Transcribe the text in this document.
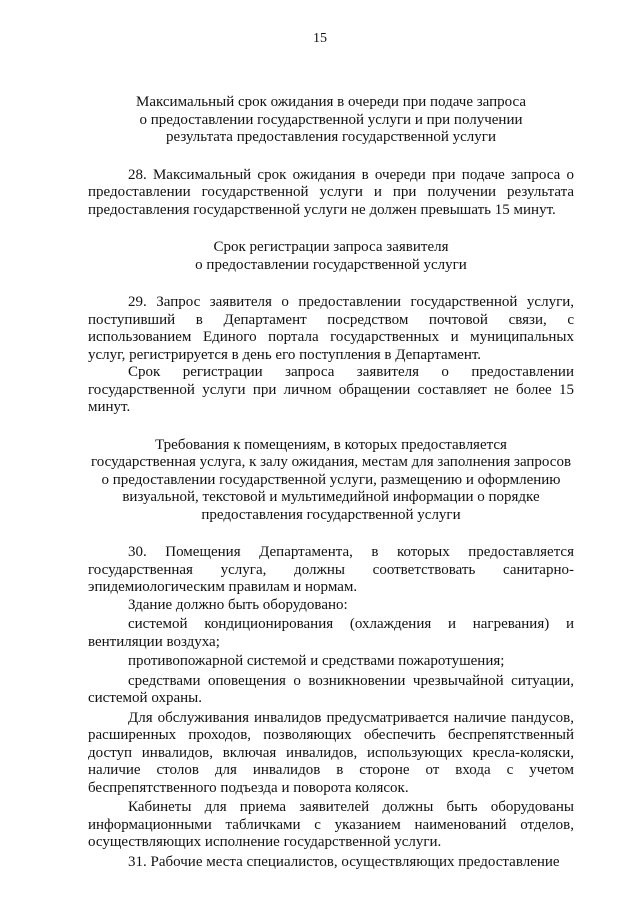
15
Максимальный срок ожидания в очереди при подаче запроса
о предоставлении государственной услуги и при получении
результата предоставления государственной услуги

28. Максимальный срок ожидания в очереди при подаче запроса о предоставлении государственной услуги и при получении результата предоставления государственной услуги не должен превышать 15 минут.

Срок регистрации запроса заявителя
о предоставлении государственной услуги

29. Запрос заявителя о предоставлении государственной услуги, поступивший в Департамент посредством почтовой связи, с использованием Единого портала государственных и муниципальных услуг, регистрируется в день его поступления в Департамент.

Срок регистрации запроса заявителя о предоставлении государственной услуги при личном обращении составляет не более 15 минут.

Требования к помещениям, в которых предоставляется
государственная услуга, к залу ожидания, местам для заполнения запросов
о предоставлении государственной услуги, размещению и оформлению
визуальной, текстовой и мультимедийной информации о порядке
предоставления государственной услуги

30. Помещения Департамента, в которых предоставляется государственная услуга, должны соответствовать санитарно-эпидемиологическим правилам и нормам.

Здание должно быть оборудовано:

системой кондиционирования (охлаждения и нагревания) и вентиляции воздуха;

противопожарной системой и средствами пожаротушения;

средствами оповещения о возникновении чрезвычайной ситуации, системой охраны.

Для обслуживания инвалидов предусматривается наличие пандусов, расширенных проходов, позволяющих обеспечить беспрепятственный доступ инвалидов, включая инвалидов, использующих кресла-коляски, наличие столов для инвалидов в стороне от входа с учетом беспрепятственного подъезда и поворота колясок.

Кабинеты для приема заявителей должны быть оборудованы информационными табличками с указанием наименований отделов, осуществляющих исполнение государственной услуги.

31. Рабочие места специалистов, осуществляющих предоставление
